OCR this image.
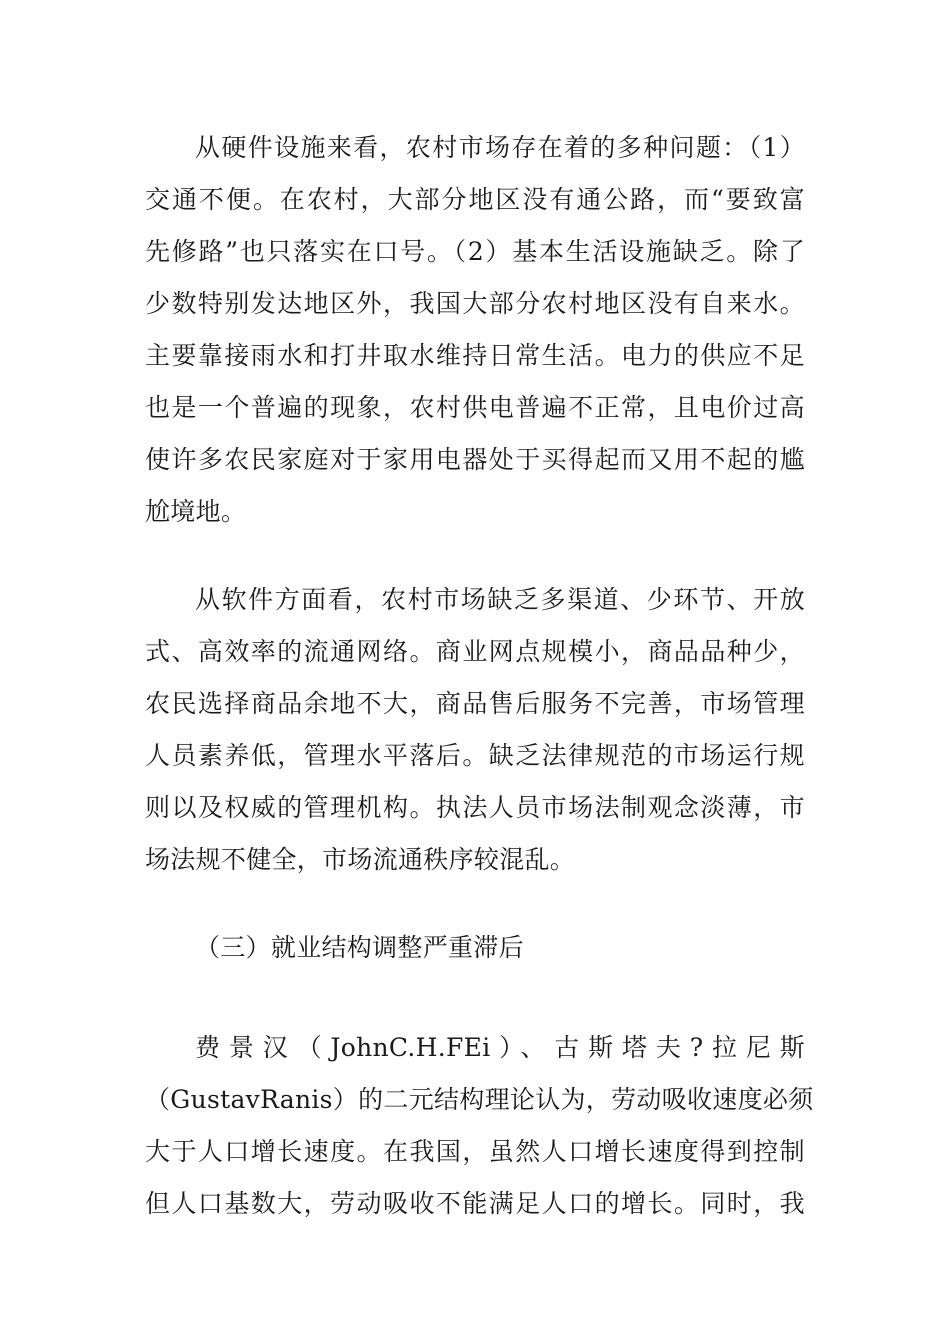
从硬件设施来看，农村市场存在着的多种问题：（1）
交通不便。在农村，大部分地区没有通公路，而“要致富
先修路”也只落实在口号。（2）基本生活设施缺乏。除了
少数特别发达地区外，我国大部分农村地区没有自来水。
主要靠接雨水和打井取水维持日常生活。电力的供应不足
也是一个普遍的现象，农村供电普遍不正常，且电价过高
使许多农民家庭对于家用电器处于买得起而又用不起的尴
尬境地。
从软件方面看，农村市场缺乏多渠道、少环节、开放
式、高效率的流通网络。商业网点规模小，商品品种少，
农民选择商品余地不大，商品售后服务不完善，市场管理
人员素养低，管理水平落后。缺乏法律规范的市场运行规
则以及权威的管理机构。执法人员市场法制观念淡薄，市
场法规不健全，市场流通秩序较混乱。
（三）就业结构调整严重滞后
费景汉（JohnC.H.FEi）、古斯塔夫?拉尼斯
（GustavRanis）的二元结构理论认为，劳动吸收速度必须
大于人口增长速度。在我国，虽然人口增长速度得到控制
但人口基数大，劳动吸收不能满足人口的增长。同时，我
